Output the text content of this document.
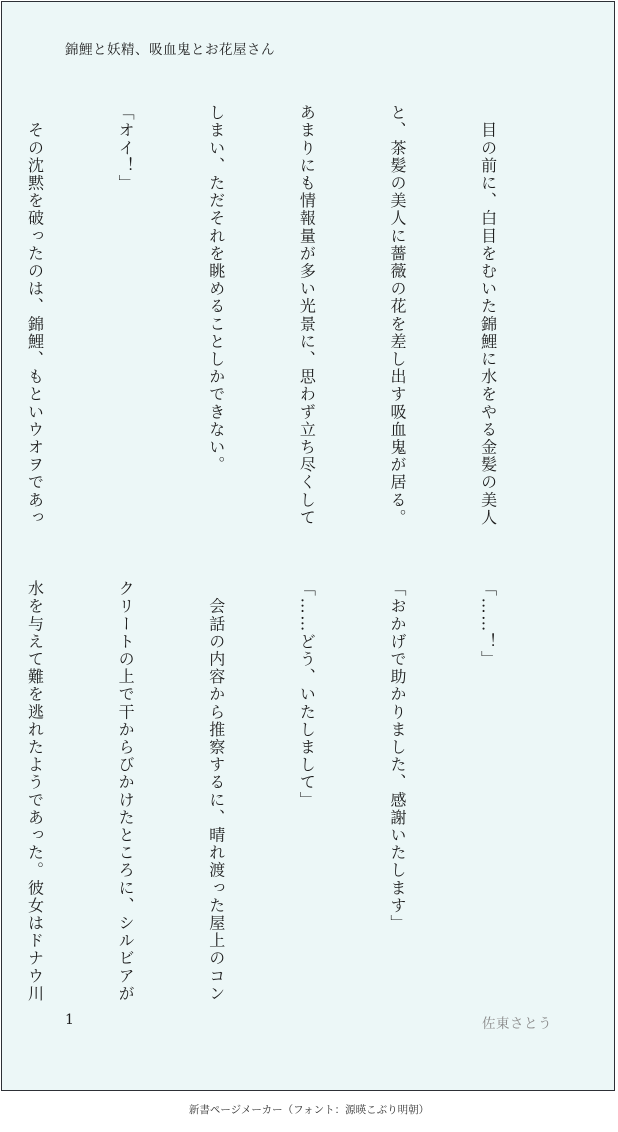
錦鯉と妖精、吸血鬼とお花屋さん

　目の前に、白目をむいた錦鯉に水をやる金髪の美人

と、茶髪の美人に薔薇の花を差し出す吸血鬼が居る。

あまりにも情報量が多い光景に、思わず立ち尽くして

しまい、ただそれを眺めることしかできない。

「オイ！」

　その沈黙を破ったのは、錦鯉、もといウオヲであっ

「……！」

「おかげで助かりました、感謝いたします」

「……どう、いたしまして」

　会話の内容から推察するに、晴れ渡った屋上のコン

クリートの上で干からびかけたところに、シルビアが

水を与えて難を逃れたようであった。彼女はドナウ川

1	佐東さとう
新書ページメーカー（フォント：源暎こぶり明朝）
